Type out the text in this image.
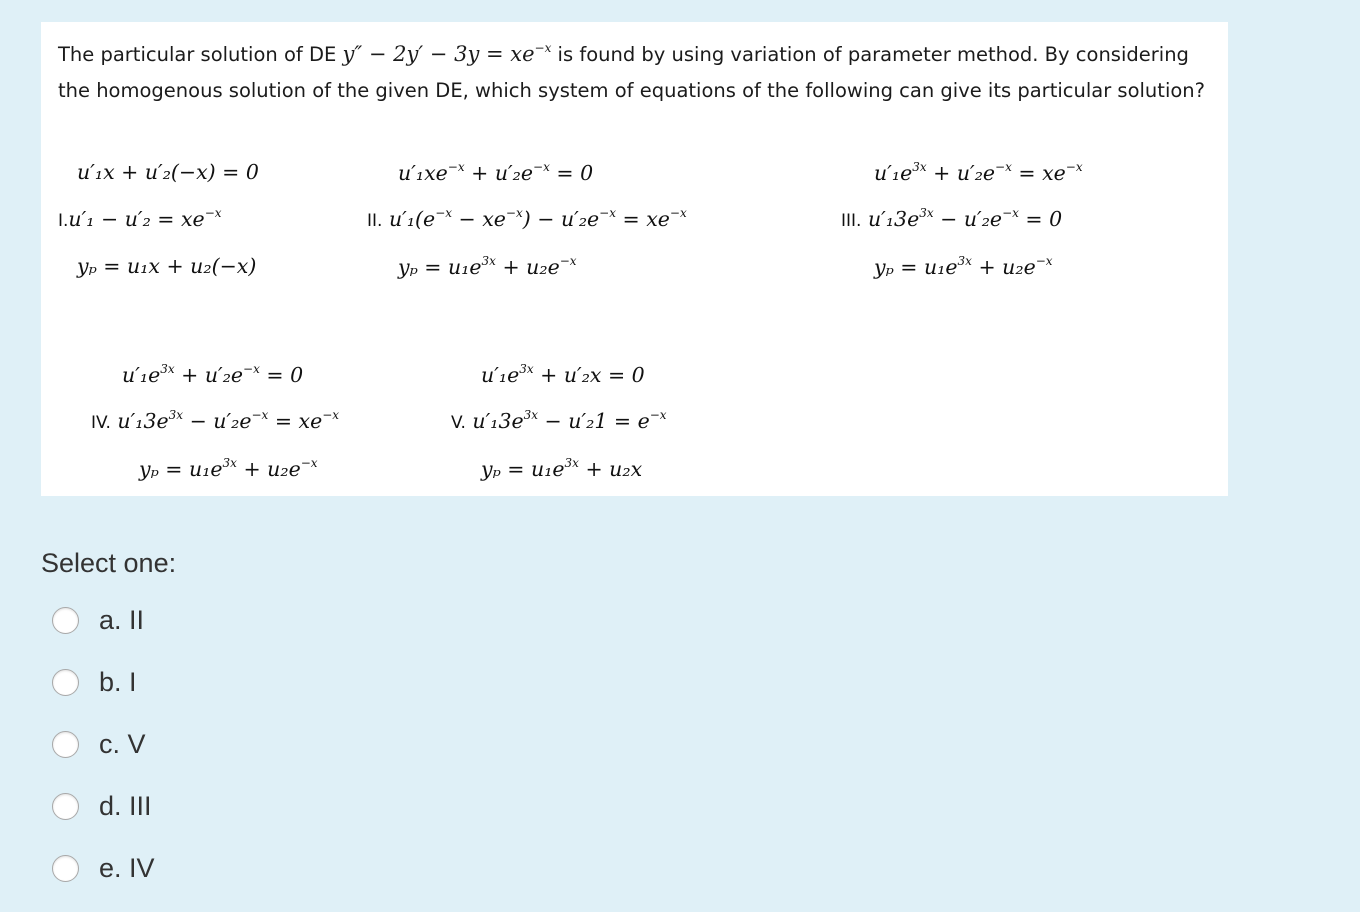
The particular solution of DE $y'' - 2y' - 3y = xe^{-x}$ is found by using variation of parameter method. By considering the homogenous solution of the given DE, which system of equations of the following can give its particular solution?
u′₁x + u′₂(−x) = 0
$I.u'_1 - u'_2 = xe^{-x}$
yₚ = u₁x + u₂(−x)
$u'_1xe^{-x} + u'_2e^{-x} = 0$
II. $u'_1(e^{-x} - xe^{-x}) - u'_2e^{-x} = xe^{-x}$
$y_p = u_1e^{3x} + u_2e^{-x}$
$u'_1e^{3x} + u'_2e^{-x} = xe^{-x}$
III. $u'_13e^{3x} - u'_2e^{-x} = 0$
$y_p = u_1e^{3x} + u_2e^{-x}$
$u'_1e^{3x} + u'_2e^{-x} = 0$
IV. $u'_13e^{3x} - u'_2e^{-x} = xe^{-x}$
$y_p = u_1e^{3x} + u_2e^{-x}$
$u'_1e^{3x} + u'_2x = 0$
V. $u'_13e^{3x} - u'_21 = e^{-x}$
$y_p = u_1e^{3x} + u_2x$
Select one:
a. II
b. I
c. V
d. III
e. IV
